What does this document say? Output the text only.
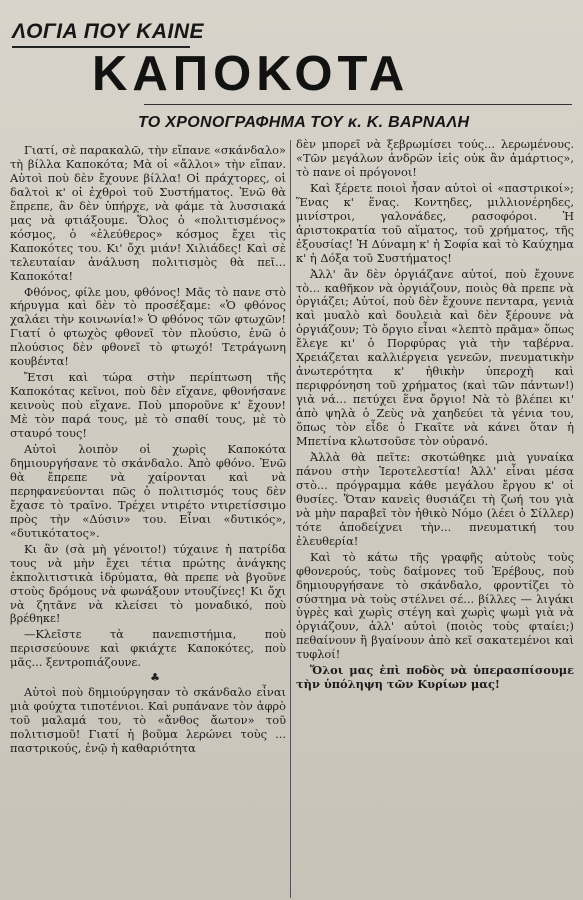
ΛΟΓΙΑ ΠΟΥ ΚΑΙΝΕ
ΚΑΠΟΚΟΤΑ
ΤΟ ΧΡΟΝΟΓΡΑΦΗΜΑ ΤΟΥ κ. Κ. ΒΑΡΝΑΛΗ

Γιατί, σὲ παρακαλῶ, τὴν εἴπανε «σκάνδαλο» τὴ βίλλα Καποκότα; Μὰ οἱ «ἄλλοι» τὴν εἴπαν. Αὐτοὶ ποὺ δὲν ἔχουνε βίλλα! Οἱ πράχτορες, οἱ δαλτοὶ κ' οἱ ἐχθροὶ τοῦ Συστήματος. Ἐνῶ θὰ ἔπρεπε, ἂν δὲν ὑπήρχε, νὰ φάμε τὰ λυσσιακά μας νὰ φτιάξουμε. Ὅλος ὁ «πολιτισμένος» κόσμος, ὁ «ἐλεύθερος» κόσμος ἔχει τὶς Καποκότες του. Κι' ὄχι μιάν! Χιλιάδες! Καὶ σὲ τελευταίαν ἀνάλυση πολιτισμὸς θὰ πεῖ... Καποκότα!

Φθόνος, φίλε μου, φθόνος! Μᾶς τὸ πανε στὸ κήρυγμα καὶ δὲν τὸ προσέξαμε: «Ὁ φθόνος χαλάει τὴν κοινωνία!» Ὁ φθόνος τῶν φτωχῶν! Γιατί ὁ φτωχὸς φθονεῖ τὸν πλούσιο, ἐνῶ ὁ πλούσιος δὲν φθονεῖ τὸ φτωχό! Τετράγωνη κουβέντα!

Ἔτσι καὶ τώρα στὴν περίπτωση τῆς Καποκότας κεῖνοι, ποὺ δὲν εἴχανε, φθονήσανε κεινοὺς ποὺ εἴχανε. Ποὺ μποροῦνε κ' ἔχουν! Μὲ τὸν παρά τους, μὲ τὸ σπαθί τους, μὲ τὸ σταυρό τους!

Αὐτοὶ λοιπὸν οἱ χωρὶς Καποκότα δημιουργήσανε τὸ σκάνδαλο. Ἀπὸ φθόνο. Ἐνῶ θὰ ἔπρεπε νὰ χαίρονται καὶ νὰ περηφανεύονται πῶς ὁ πολιτισμός τους δὲν ἔχασε τὸ τραῖνο. Τρέχει ντιρέτο ντιρετίσσιμο πρὸς τὴν «Δύσιν» του. Εἶναι «δυτικός», «δυτικότατος».

Κι ἂν (σὰ μὴ γένοιτο!) τύχαινε ἡ πατρίδα τους νὰ μὴν ἔχει τέτια πρώτης ἀνάγκης ἐκπολιτιστικὰ ἱδρύματα, θὰ πρεπε νὰ βγοῦνε στοὺς δρόμους νὰ φωνάξουν ντουζίνες! Κι ὄχι νὰ ζητᾶνε νὰ κλείσει τὸ μοναδικό, ποὺ βρέθηκε!

—Κλεῖστε τὰ πανεπιστήμια, ποὺ περισσεύουνε καὶ φκιάχτε Καποκότες, ποὺ μᾶς... ξεντροπιάζουνε.

♣

Αὐτοὶ ποὺ δημιούργησαν τὸ σκάνδαλο εἶναι μιὰ φούχτα τιποτένιοι. Καὶ ρυπάνανε τὸν ἀφρὸ τοῦ μαλαμά του, τὸ «ἄνθος ἄωτον» τοῦ πολιτισμοῦ! Γιατί ἡ βοῦμα λερώνει τοὺς ... παστρικούς, ἐνῷ ἡ καθαριότητα

δὲν μπορεῖ νὰ ξεβρωμίσει τούς... λερωμένους. «Τῶν μεγάλων ἀνδρῶν ἰεἰς οὐκ ἂν ἁμάρτιος», τὸ πανε οἱ πρόγονοι!

Καὶ ξέρετε ποιοὶ ἦσαν αὐτοὶ οἱ «παστρικοί»; Ἕνας κ' ἕνας. Κοντηδες, μιλλιονέρηδες, μινίστροι, γαλονάδες, ρασοφόροι. Ἡ ἀριστοκρατία τοῦ αἵματος, τοῦ χρήματος, τῆς ἐξουσίας! Ἡ Δύναμη κ' ἡ Σοφία καὶ τὸ Καύχημα κ' ἡ Δόξα τοῦ Συστήματος!

Ἀλλ' ἂν δὲν ὀργιάζανε αὐτοί, ποὺ ἔχουνε τὸ... καθῆκον νὰ ὀργιάζουν, ποιὸς θὰ πρεπε νὰ ὀργιάζει; Αὐτοί, ποὺ δὲν ἔχουνε πενταρα, γενιὰ καὶ μυαλὸ καὶ δουλειὰ καὶ δὲν ξέρουνε νὰ ὀργιάζουν; Τὸ ὄργιο εἶναι «λεπτὸ πρᾶμα» ὅπως ἔλεγε κι' ὁ Πορφύρας γιὰ τὴν ταβέρνα. Χρειάζεται καλλιέργεια γενεῶν, πνευματικὴν ἀνωτερότητα κ' ἠθικὴν ὑπεροχὴ καὶ περιφρόνηση τοῦ χρήματος (καὶ τῶν πάντων!) γιὰ νά... πετύχει ἕνα ὄργιο! Νὰ τὸ βλέπει κι' ἀπὸ ψηλὰ ὁ Ζεὺς νὰ χαηδεύει τὰ γένια του, ὅπως τὸν εἶδε ὁ Γκαῖτε νὰ κάνει ὅταν ἡ Μπετίνα κλωτσοῦσε τὸν οὐρανό.

Ἀλλὰ θὰ πεῖτε: σκοτώθηκε μιὰ γυναίκα πάνου στὴν Ἱεροτελεστία! Ἀλλ' εἶναι μέσα στὸ... πρόγραμμα κάθε μεγάλου ἔργου κ' οἱ θυσίες. Ὅταν κανεὶς θυσιάζει τὴ ζωή του γιὰ νὰ μὴν παραβεῖ τὸν ἠθικὸ Νόμο (λέει ὁ Σίλλερ) τότε ἀποδείχνει τὴν... πνευματική του ἐλευθερία!

Καὶ τὸ κάτω τῆς γραφῆς αὐτοὺς τοὺς φθονερούς, τοὺς δαίμονες τοῦ Ἐρέβους, ποὺ δημιουργήσανε τὸ σκάνδαλο, φροντίζει τὸ σύστημα νὰ τοὺς στέλνει σέ... βίλλες — λιγάκι ὑγρὲς καὶ χωρὶς στέγη καὶ χωρὶς ψωμὶ γιὰ νὰ ὀργιάζουν, ἀλλ' αὐτοὶ (ποιὸς τοὺς φταίει;) πεθαίνουν ἢ βγαίνουν ἀπὸ κεῖ σακατεμένοι καὶ τυφλοί!

Ὅλοι μας ἐπὶ ποδὸς νὰ ὑπερασπίσουμε τὴν ὑπόληψη τῶν Κυρίων μας!
